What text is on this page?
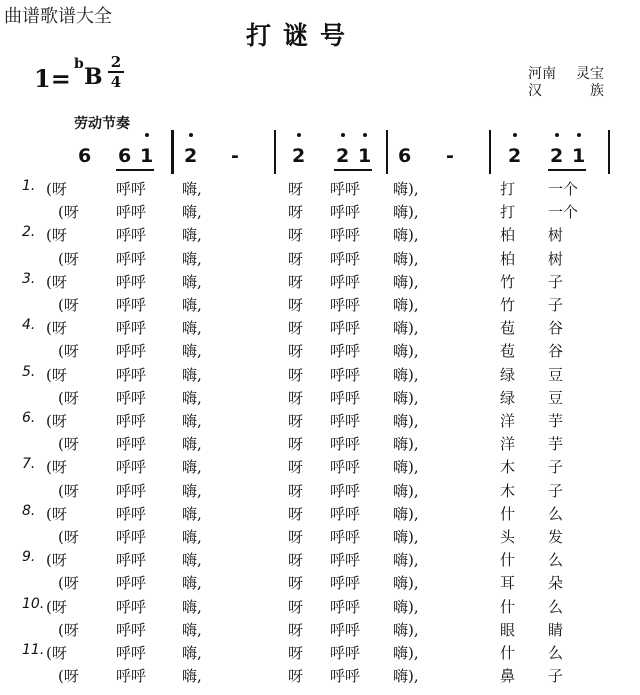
曲谱歌谱大全
打谜号
1= b B
2
4	河南 灵宝
汉	族
劳动节奏
6 6 1 2 -	2 2 1 6 -	2 2 1
1. (呀	呼呼 嗨,	呀 呼呼 嗨),	打 一个
(呀 呼呼 嗨,	呀 呼呼 嗨),	打 一个
2. (呀	呼呼 嗨,	呀 呼呼 嗨),	柏 树
(呀 呼呼 嗨,	呀 呼呼 嗨),	柏 树
3. (呀	呼呼 嗨,	呀 呼呼 嗨),	竹 子
(呀 呼呼 嗨,	呀 呼呼 嗨),	竹 子
4. (呀	呼呼 嗨,	呀 呼呼 嗨),	苞 谷
(呀 呼呼 嗨,	呀 呼呼 嗨),	苞 谷
5. (呀	呼呼 嗨,	呀 呼呼 嗨),	绿 豆
(呀 呼呼 嗨,	呀 呼呼 嗨),	绿 豆
6. (呀	呼呼 嗨,	呀 呼呼 嗨),	洋 芋
(呀 呼呼 嗨,	呀 呼呼 嗨),	洋 芋
7. (呀	呼呼 嗨,	呀 呼呼 嗨),	木 子
(呀 呼呼 嗨,	呀 呼呼 嗨),	木 子
8. (呀	呼呼 嗨,	呀 呼呼 嗨),	什 么
(呀 呼呼 嗨,	呀 呼呼 嗨),	头 发
9. (呀	呼呼 嗨,	呀 呼呼 嗨),	什 么
(呀 呼呼 嗨,	呀 呼呼 嗨),	耳 朵
10. (呀	呼呼 嗨,	呀 呼呼 嗨),	什 么
(呀 呼呼 嗨,	呀 呼呼 嗨),	眼 睛
11. (呀	呼呼 嗨,	呀 呼呼 嗨),	什 么
(呀 呼呼 嗨,	呀 呼呼 嗨),	鼻 子
